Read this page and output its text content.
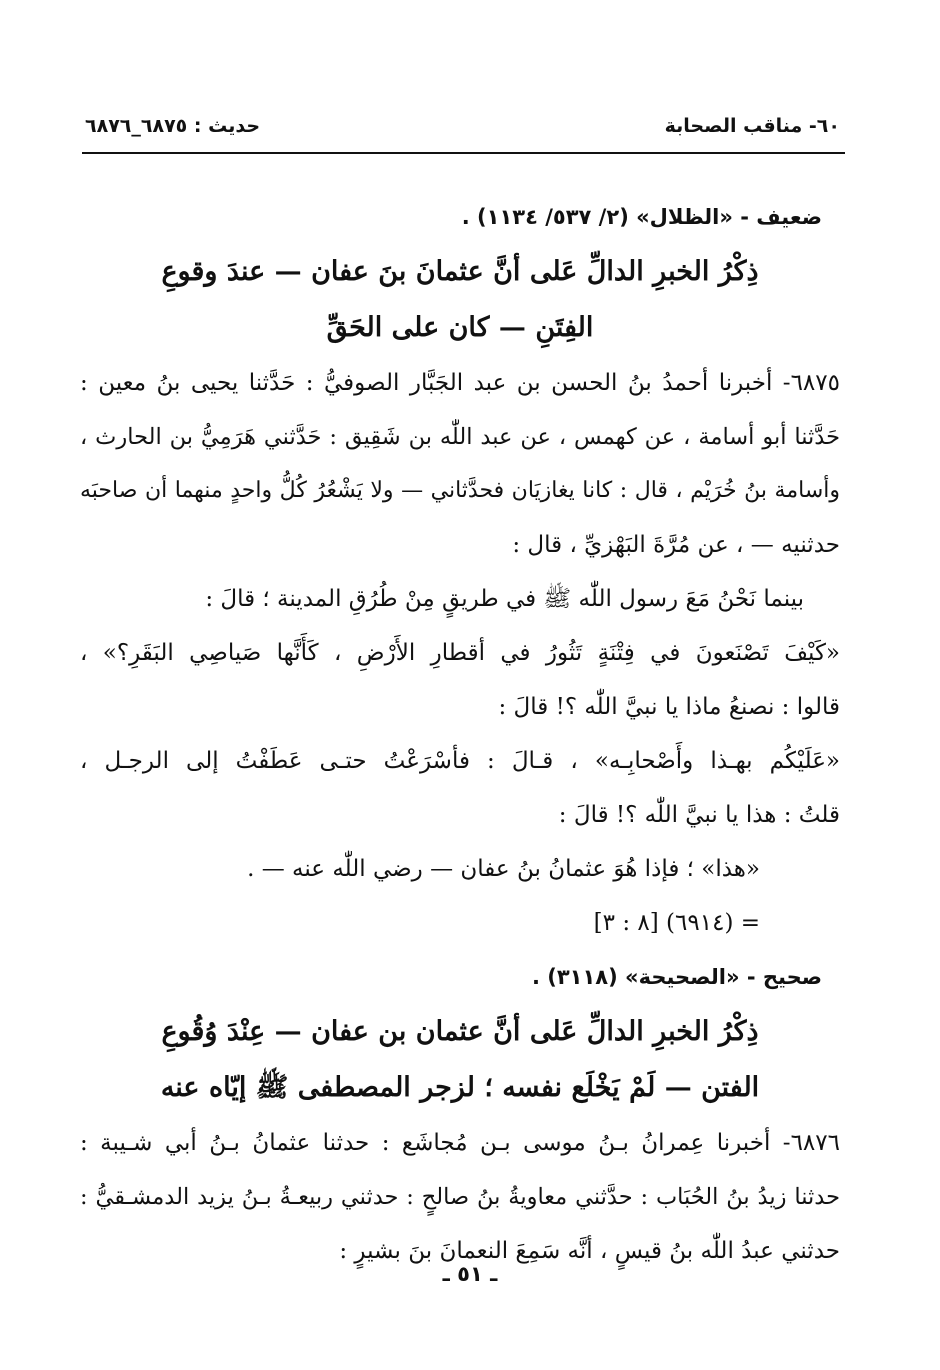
٦٠- مناقب الصحابة
حديث : ٦٨٧٥_٦٨٧٦
ضعيف - «الظلال» (٢/ ٥٣٧/ ١١٣٤) .
ذِكْرُ الخبرِ الدالِّ عَلى أنَّ عثمانَ بنَ عفان — عندَ وقوعِ
الفِتَنِ — كان على الحَقِّ
٦٨٧٥- أخبرنا أحمدُ بنُ الحسن بن عبد الجَبَّار الصوفيُّ : حَدَّثنا يحيى بنُ معين :
حَدَّثنا أبو أسامة ، عن كهمس ، عن عبد اللّٰه بن شَقِيق : حَدَّثني هَرَمِيُّ بن الحارث ،
وأسامة بنُ خُرَيْم ، قال : كانا يغازيَان فحدَّثاني — ولا يَشْعُرُ كُلُّ واحدٍ منهما أن صاحبَه
حدثنيه — ، عن مُرَّةَ البَهْزيِّ ، قال :
بينما نَحْنُ مَعَ رسول اللّٰه ﷺ في طريقٍ مِنْ طُرُقِ المدينة ؛ قالَ :
«كَيْفَ تَصْنَعونَ في فِتْنَةٍ تَثُورُ في أقطارِ الأَرْضِ ، كَأَنَّها صَياصِي البَقَرِ؟» ،
قالوا : نصنعُ ماذا يا نبيَّ اللّٰه ؟! قالَ :
«عَلَيْكُم بهـذا وأَصْحابِـه» ، قـالَ : فأسْرَعْتُ حتـى عَطَفْتُ إلى الرجـل ،
قلتُ : هذا يا نبيَّ اللّٰه ؟! قالَ :
«هذا» ؛ فإذا هُوَ عثمانُ بنُ عفان — رضي اللّٰه عنه — .
= (٦٩١٤) [٨ : ٣]
صحيح - «الصحيحة» (٣١١٨) .
ذِكْرُ الخبرِ الدالِّ عَلى أنَّ عثمان بن عفان — عِنْدَ وُقُوعِ
الفتن — لَمْ يَخْلَع نفسه ؛ لزجر المصطفى ﷺ إيّاه عنه
٦٨٧٦- أخبرنا عِمرانُ بـنُ موسى بـن مُجاشَع : حدثنا عثمانُ بـنُ أبي شـيبة :
حدثنا زيدُ بنُ الحُبَاب : حدَّثني معاويةُ بنُ صالحٍ : حدثني ربيعـةُ بـنُ يزيد الدمشـقيُّ :
حدثني عبدُ اللّٰه بنُ قيسٍ ، أنَّه سَمِعَ النعمانَ بنَ بشيرٍ :
ـ ٥١ ـ
